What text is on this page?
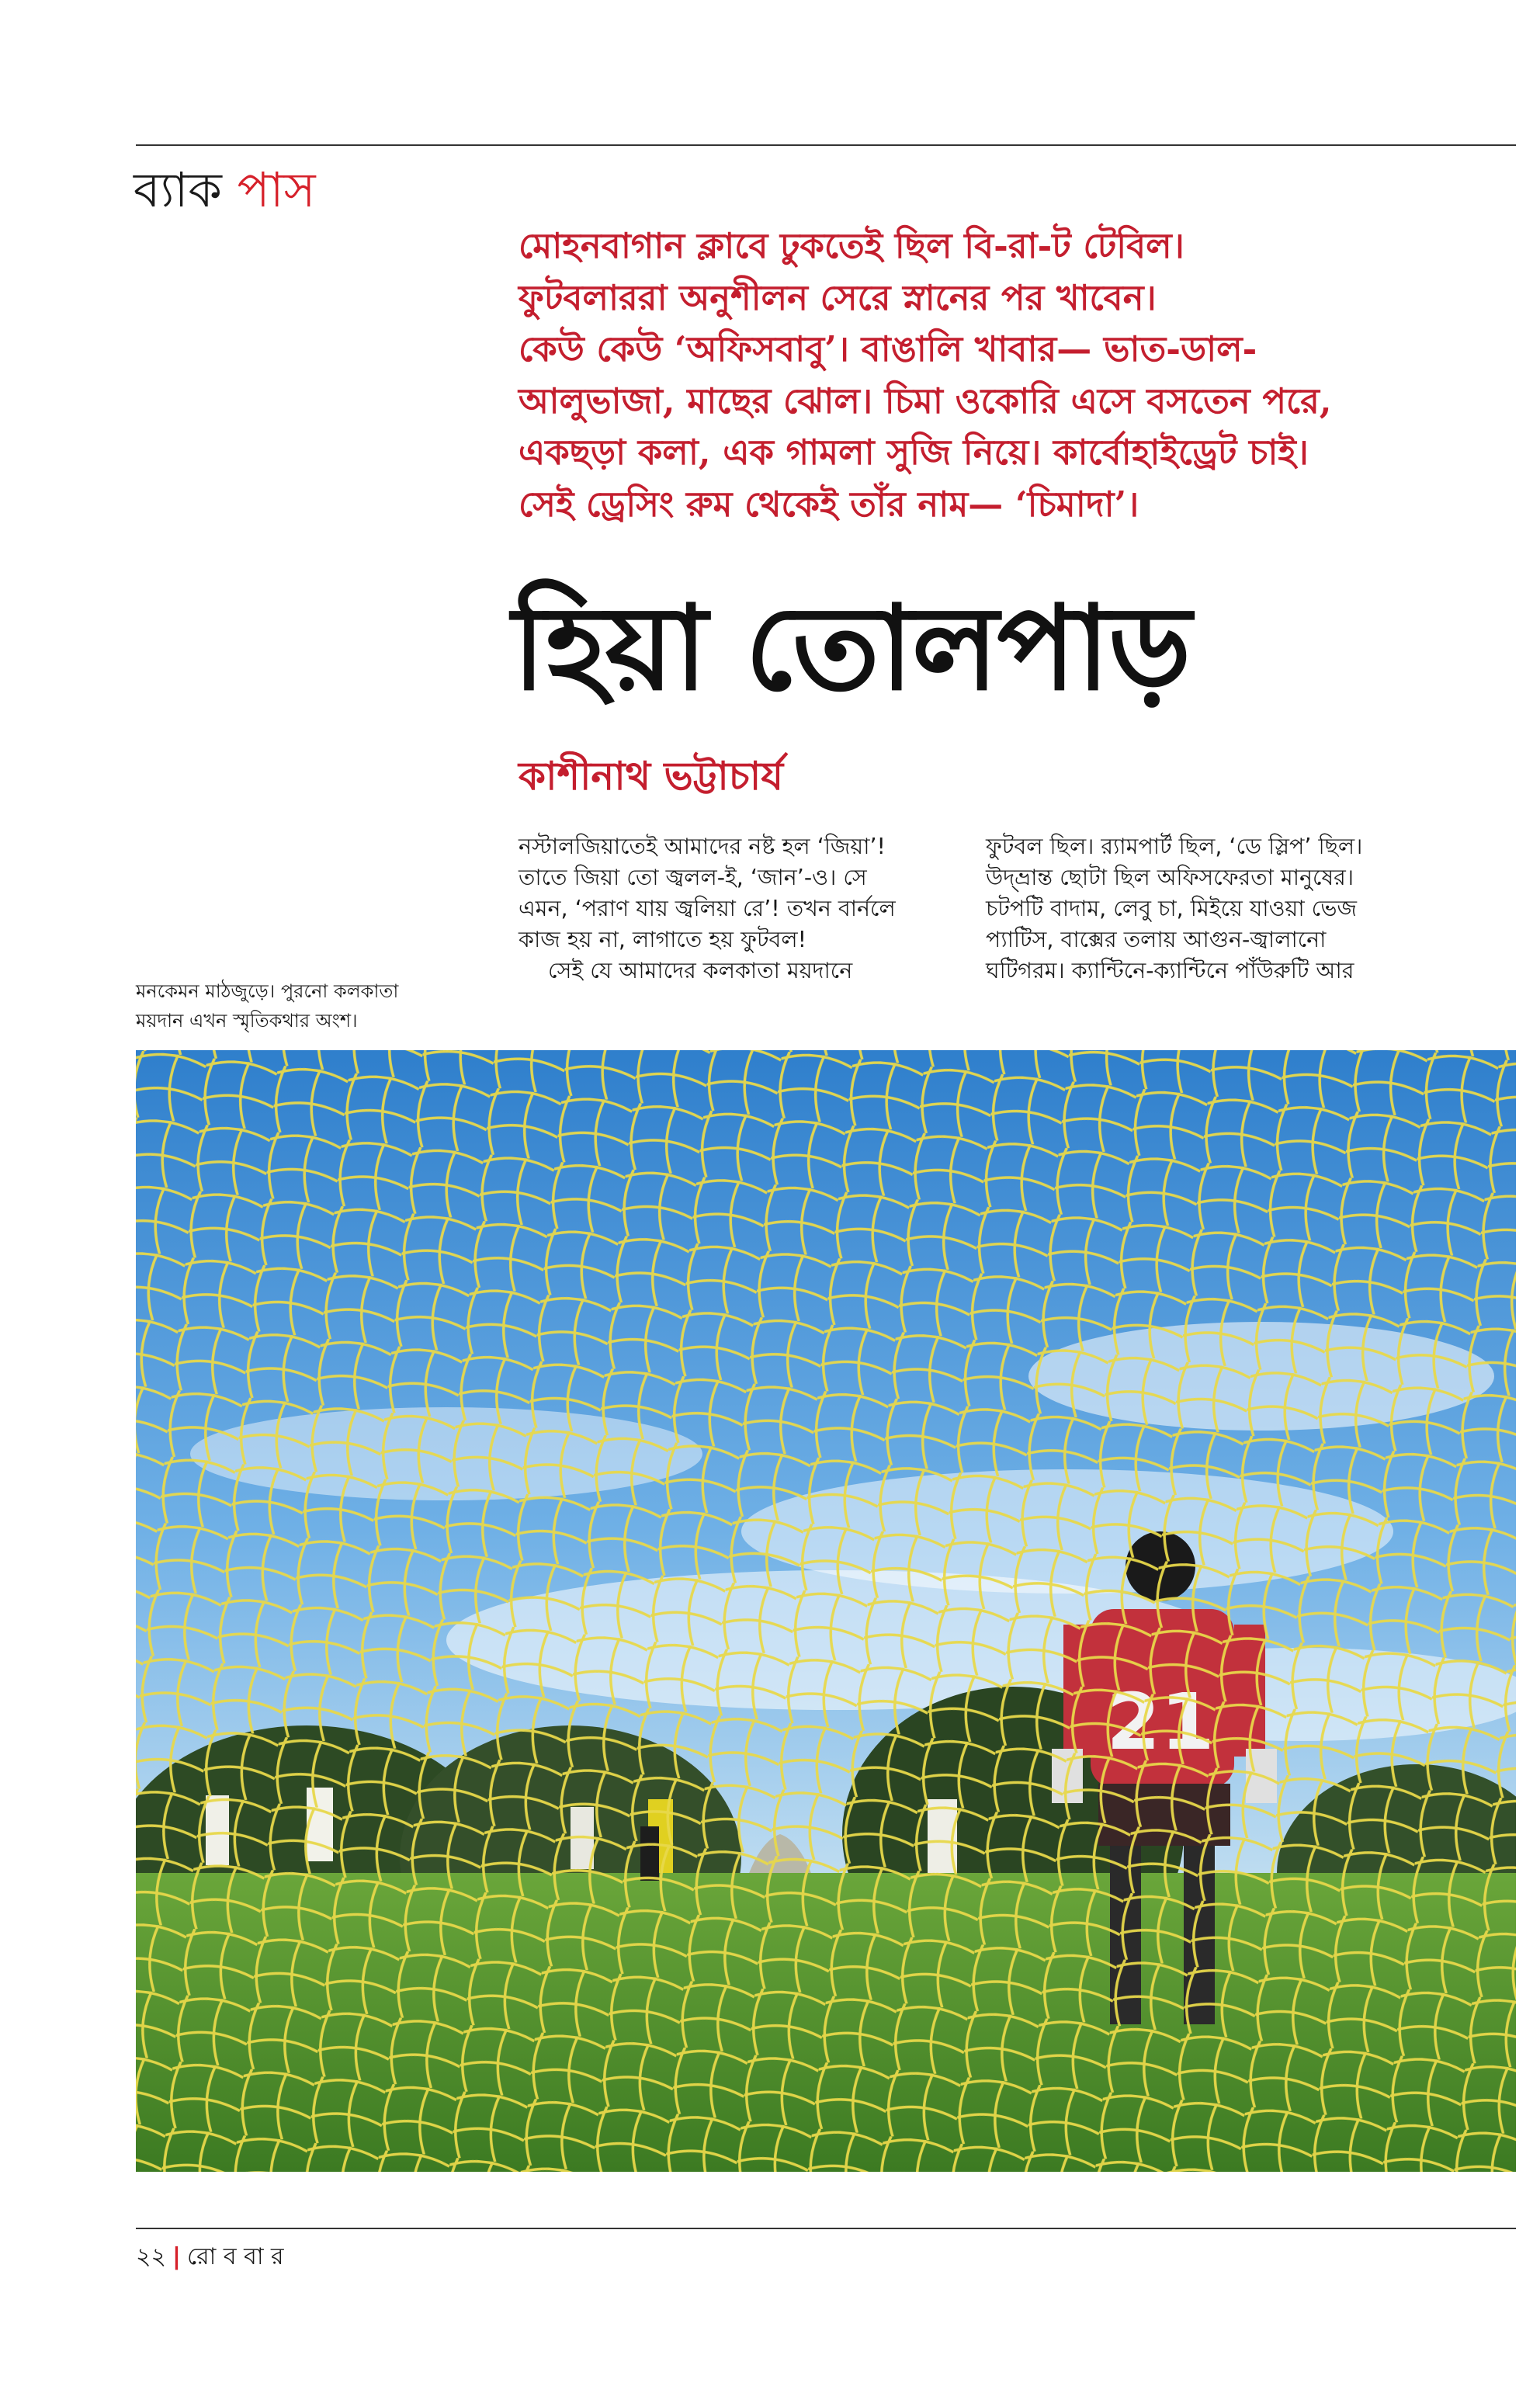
ব্যাক পাস
মোহনবাগান ক্লাবে ঢুকতেই ছিল বি-রা-ট টেবিল।
ফুটবলাররা অনুশীলন সেরে স্নানের পর খাবেন।
কেউ কেউ ‘অফিসবাবু’। বাঙালি খাবার— ভাত-ডাল-
আলুভাজা, মাছের ঝোল। চিমা ওকোরি এসে বসতেন পরে,
একছড়া কলা, এক গামলা সুজি নিয়ে। কার্বোহাইড্রেট চাই।
সেই ড্রেসিং রুম থেকেই তাঁর নাম— ‘চিমাদা’।
হিয়া তোলপাড়
কাশীনাথ ভট্টাচার্য
নস্টালজিয়াতেই আমাদের নষ্ট হল ‘জিয়া’!
তাতে জিয়া তো জ্বলল-ই, ‘জান’-ও। সে
এমন, ‘পরাণ যায় জ্বলিয়া রে’! তখন বার্নলে
কাজ হয় না, লাগাতে হয় ফুটবল!
সেই যে আমাদের কলকাতা ময়দানে
ফুটবল ছিল। র‍্যামপার্ট ছিল, ‘ডে স্লিপ’ ছিল।
উদ্‌ভ্রান্ত ছোটা ছিল অফিসফেরতা মানুষের।
চটপটি বাদাম, লেবু চা, মিইয়ে যাওয়া ভেজ
প্যাটিস, বাক্সের তলায় আগুন-জ্বালানো
ঘটিগরম। ক্যান্টিনে-ক্যান্টিনে পাঁউরুটি আর
মনকেমন মাঠজুড়ে। পুরনো কলকাতা
ময়দান এখন স্মৃতিকথার অংশ।
২২ | রো ব বা র
